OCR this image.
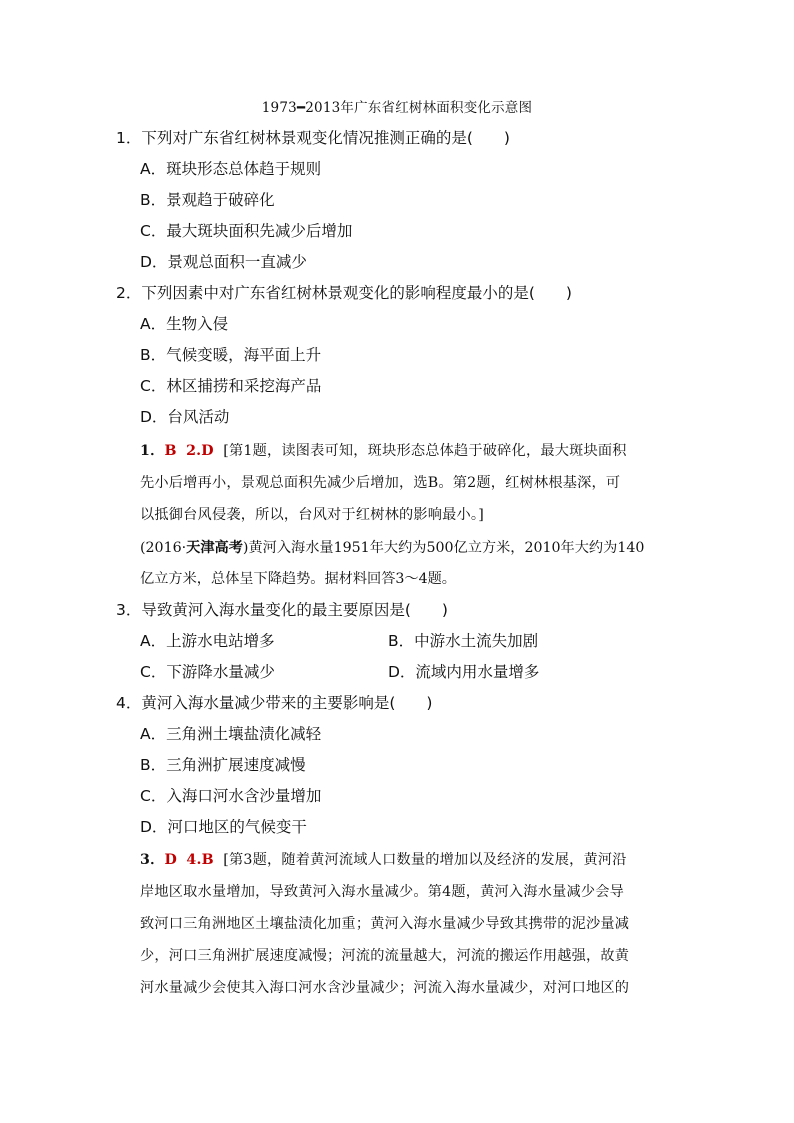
1973━2013年广东省红树林面积变化示意图
1．下列对广东省红树林景观变化情况推测正确的是(　　)
A．斑块形态总体趋于规则
B．景观趋于破碎化
C．最大斑块面积先减少后增加
D．景观总面积一直减少
2．下列因素中对广东省红树林景观变化的影响程度最小的是(　　)
A．生物入侵
B．气候变暖，海平面上升
C．林区捕捞和采挖海产品
D．台风活动
1．B 2.D [第1题，读图表可知，斑块形态总体趋于破碎化，最大斑块面积
先小后增再小，景观总面积先减少后增加，选B。第2题，红树林根基深，可
以抵御台风侵袭，所以，台风对于红树林的影响最小。]
(2016·天津高考)黄河入海水量1951年大约为500亿立方米，2010年大约为140
亿立方米，总体呈下降趋势。据材料回答3～4题。
3．导致黄河入海水量变化的最主要原因是(　　)
A．上游水电站增多	B．中游水土流失加剧
C．下游降水量减少	D．流域内用水量增多
4．黄河入海水量减少带来的主要影响是(　　)
A．三角洲土壤盐渍化减轻
B．三角洲扩展速度减慢
C．入海口河水含沙量增加
D．河口地区的气候变干
3．D 4.B [第3题，随着黄河流域人口数量的增加以及经济的发展，黄河沿
岸地区取水量增加，导致黄河入海水量减少。第4题，黄河入海水量减少会导
致河口三角洲地区土壤盐渍化加重；黄河入海水量减少导致其携带的泥沙量减
少，河口三角洲扩展速度减慢；河流的流量越大，河流的搬运作用越强，故黄
河水量减少会使其入海口河水含沙量减少；河流入海水量减少，对河口地区的
